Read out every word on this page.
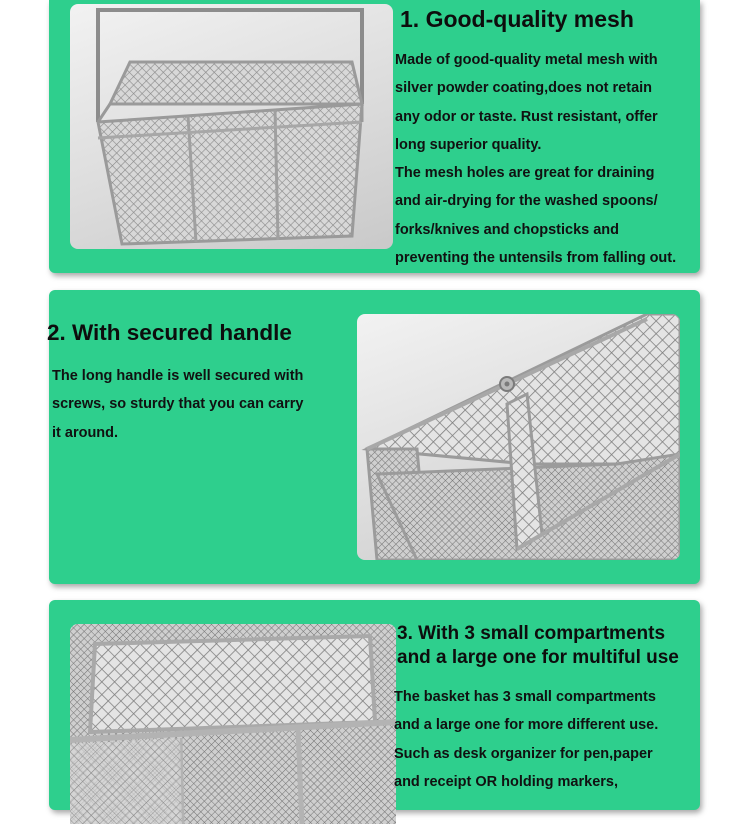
1. Good-quality mesh
Made of good-quality metal mesh with
silver powder coating,does not retain
any odor or taste. Rust resistant, offer
long superior quality.
The mesh holes are great for draining
and air-drying for the washed spoons/
forks/knives and chopsticks and
preventing the untensils from falling out.
2. With secured handle
The long handle is well secured with
screws, so sturdy that you can carry
it around.
3. With 3 small compartments
and a large one for multiful use
The basket has 3 small compartments
and a large one for more different use.
Such as desk organizer for pen,paper
and receipt OR holding markers,
